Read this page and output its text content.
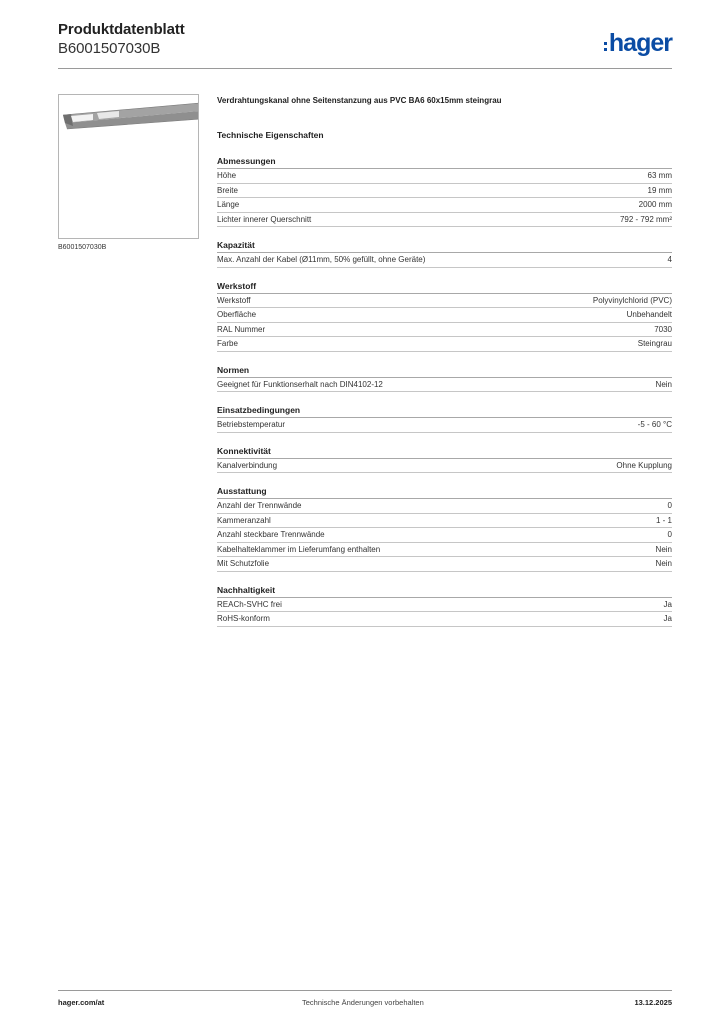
Produktdatenblatt
B6001507030B	hager
B6001507030B
Verdrahtungskanal ohne Seitenstanzung aus PVC BA6 60x15mm steingrau
Technische Eigenschaften
Abmessungen
Höhe	63 mm
Breite	19 mm
Länge	2000 mm
Lichter innerer Querschnitt	792 - 792 mm²
Kapazität
Max. Anzahl der Kabel (Ø11mm, 50% gefüllt, ohne Geräte)	4
Werkstoff
Werkstoff	Polyvinylchlorid (PVC)
Oberfläche	Unbehandelt
RAL Nummer	7030
Farbe	Steingrau
Normen
Geeignet für Funktionserhalt nach DIN4102-12	Nein
Einsatzbedingungen
Betriebstemperatur	-5 - 60 °C
Konnektivität
Kanalverbindung	Ohne Kupplung
Ausstattung
Anzahl der Trennwände	0
Kammeranzahl	1 - 1
Anzahl steckbare Trennwände	0
Kabelhalteklammer im Lieferumfang enthalten	Nein
Mit Schutzfolie	Nein
Nachhaltigkeit
REACh-SVHC frei	Ja
RoHS-konform	Ja
hager.com/at	Technische Änderungen vorbehalten	13.12.2025
